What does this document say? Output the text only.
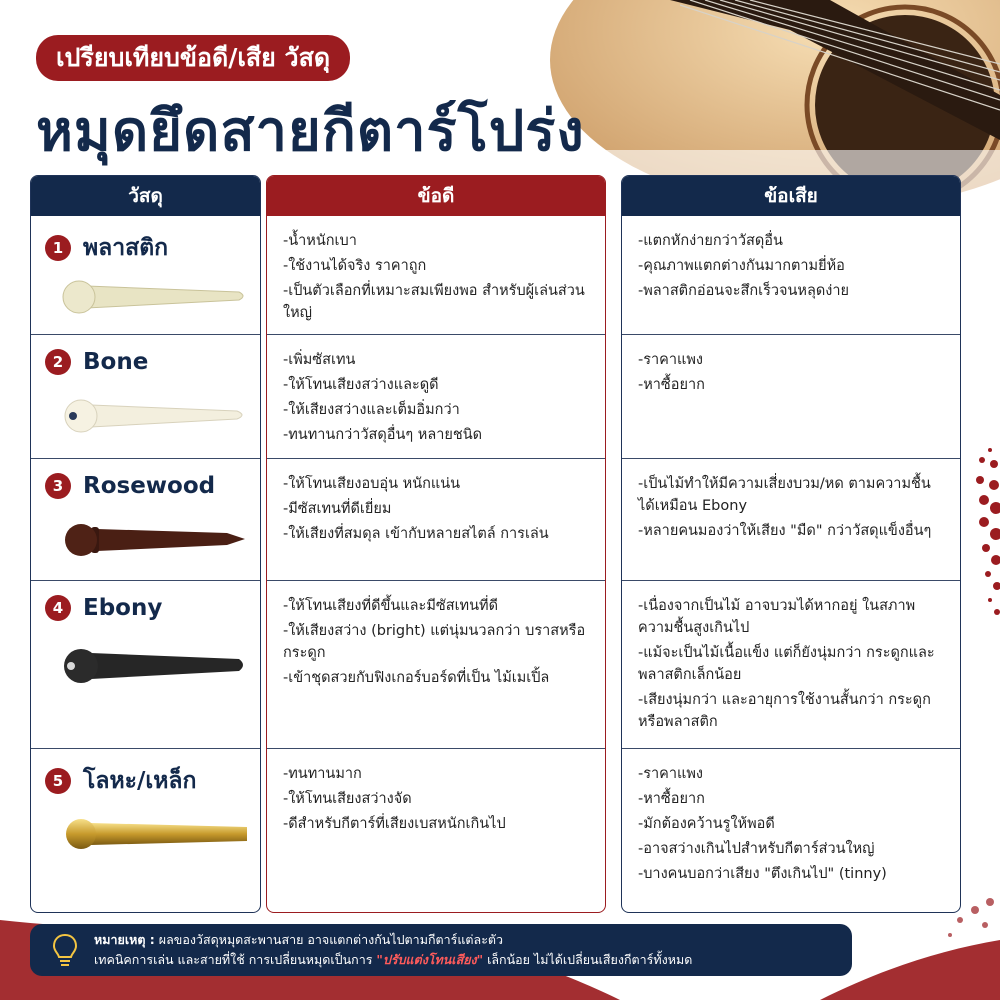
เปรียบเทียบข้อดี/เสีย วัสดุ
หมุดยึดสายกีตาร์โปร่ง
วัสดุ
1 พลาสติก
2 Bone
3 Rosewood
4 Ebony
5 โลหะ/เหล็ก
ข้อดี
-น้ำหนักเบา
-ใช้งานได้จริง ราคาถูก
-เป็นตัวเลือกที่เหมาะสมเพียงพอ สำหรับผู้เล่นส่วนใหญ่
-เพิ่มซัสเทน
-ให้โทนเสียงสว่างและดูดี
-ให้เสียงสว่างและเต็มอิ่มกว่า
-ทนทานกว่าวัสดุอื่นๆ หลายชนิด
-ให้โทนเสียงอบอุ่น หนักแน่น
-มีซัสเทนที่ดีเยี่ยม
-ให้เสียงที่สมดุล เข้ากับหลายสไตล์ การเล่น
-ให้โทนเสียงที่ดีขึ้นและมีซัสเทนที่ดี
-ให้เสียงสว่าง (bright) แต่นุ่มนวลกว่า บราสหรือกระดูก
-เข้าชุดสวยกับฟิงเกอร์บอร์ดที่เป็น ไม้เมเปิ้ล
-ทนทานมาก
-ให้โทนเสียงสว่างจัด
-ดีสำหรับกีตาร์ที่เสียงเบสหนักเกินไป
ข้อเสีย
-แตกหักง่ายกว่าวัสดุอื่น
-คุณภาพแตกต่างกันมากตามยี่ห้อ
-พลาสติกอ่อนจะสึกเร็วจนหลุดง่าย
-ราคาแพง
-หาซื้อยาก
-เป็นไม้ทำให้มีความเสี่ยงบวม/หด ตามความชื้นได้เหมือน Ebony
-หลายคนมองว่าให้เสียง "มืด" กว่าวัสดุแข็งอื่นๆ
-เนื่องจากเป็นไม้ อาจบวมได้หากอยู่ ในสภาพความชื้นสูงเกินไป
-แม้จะเป็นไม้เนื้อแข็ง แต่ก็ยังนุ่มกว่า กระดูกและพลาสติกเล็กน้อย
-เสียงนุ่มกว่า และอายุการใช้งานสั้นกว่า กระดูกหรือพลาสติก
-ราคาแพง
-หาซื้อยาก
-มักต้องคว้านรูให้พอดี
-อาจสว่างเกินไปสำหรับกีตาร์ส่วนใหญ่
-บางคนบอกว่าเสียง "ตึงเกินไป" (tinny)
หมายเหตุ : ผลของวัสดุหมุดสะพานสาย อาจแตกต่างกันไปตามกีตาร์แต่ละตัว
เทคนิคการเล่น และสายที่ใช้ การเปลี่ยนหมุดเป็นการ "ปรับแต่งโทนเสียง" เล็กน้อย ไม่ได้เปลี่ยนเสียงกีตาร์ทั้งหมด
